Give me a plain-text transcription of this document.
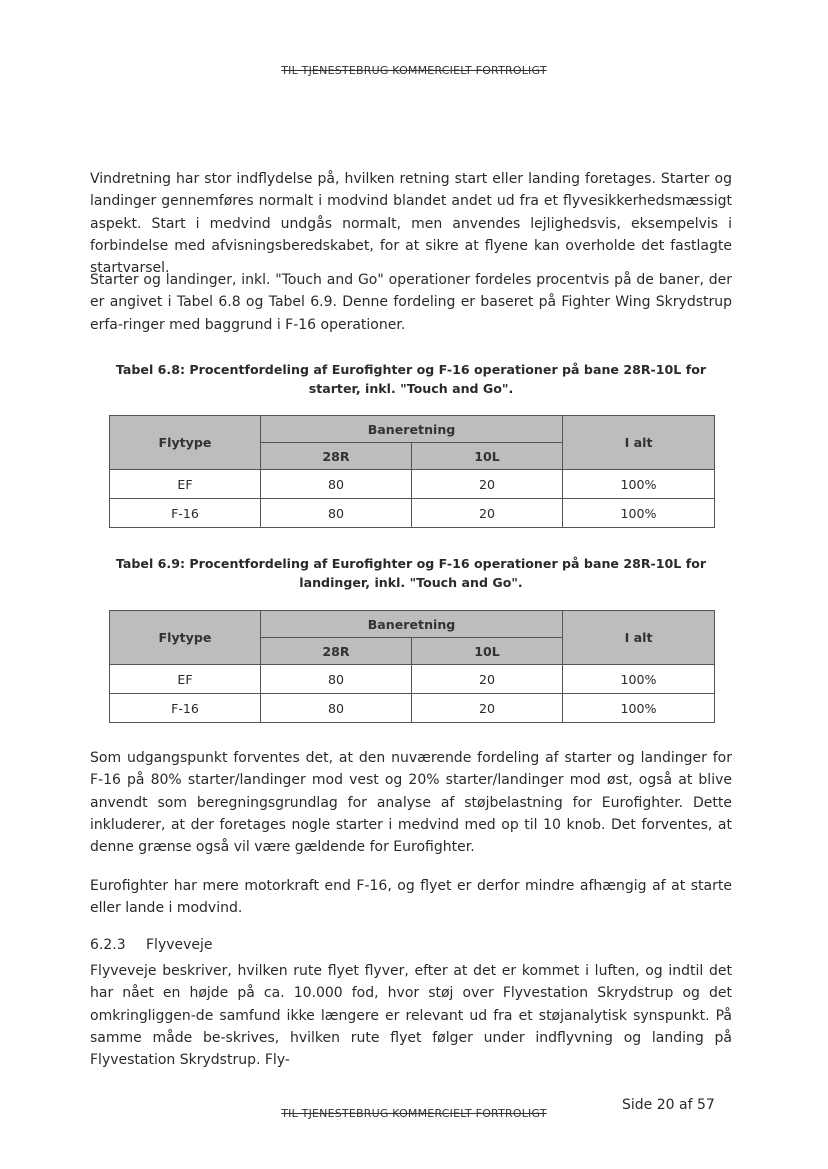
TIL TJENESTEBRUG KOMMERCIELT FORTROLIGT

Vindretning har stor indflydelse på, hvilken retning start eller landing foretages. Starter og landinger gennemføres normalt i modvind blandet andet ud fra et flyvesikkerhedsmæssigt aspekt. Start i medvind undgås normalt, men anvendes lejlighedsvis, eksempelvis i forbindelse med afvisningsberedskabet, for at sikre at flyene kan overholde det fastlagte startvarsel.

Starter og landinger, inkl. "Touch and Go" operationer fordeles procentvis på de baner, der er angivet i Tabel 6.8 og Tabel 6.9. Denne fordeling er baseret på Fighter Wing Skrydstrup erfa-ringer med baggrund i F-16 operationer.

Tabel 6.8: Procentfordeling af Eurofighter og F-16 operationer på bane 28R-10L for starter, inkl. "Touch and Go".

Flytype	Baneretning		I alt
	28R	10L	
EF	80	20	100%
F-16	80	20	100%

Tabel 6.9: Procentfordeling af Eurofighter og F-16 operationer på bane 28R-10L for landinger, inkl. "Touch and Go".

Flytype	Baneretning		I alt
	28R	10L	
EF	80	20	100%
F-16	80	20	100%

Som udgangspunkt forventes det, at den nuværende fordeling af starter og landinger for F-16 på 80% starter/landinger mod vest og 20% starter/landinger mod øst, også at blive anvendt som beregningsgrundlag for analyse af støjbelastning for Eurofighter. Dette inkluderer, at der foretages nogle starter i medvind med op til 10 knob. Det forventes, at denne grænse også vil være gældende for Eurofighter.

Eurofighter har mere motorkraft end F-16, og flyet er derfor mindre afhængig af at starte eller lande i modvind.

6.2.3 Flyveveje

Flyveveje beskriver, hvilken rute flyet flyver, efter at det er kommet i luften, og indtil det har nået en højde på ca. 10.000 fod, hvor støj over Flyvestation Skrydstrup og det omkringliggen-de samfund ikke længere er relevant ud fra et støjanalytisk synspunkt. På samme måde be-skrives, hvilken rute flyet følger under indflyvning og landing på Flyvestation Skrydstrup. Fly-

Side 20 af 57
TIL TJENESTEBRUG KOMMERCIELT FORTROLIGT
